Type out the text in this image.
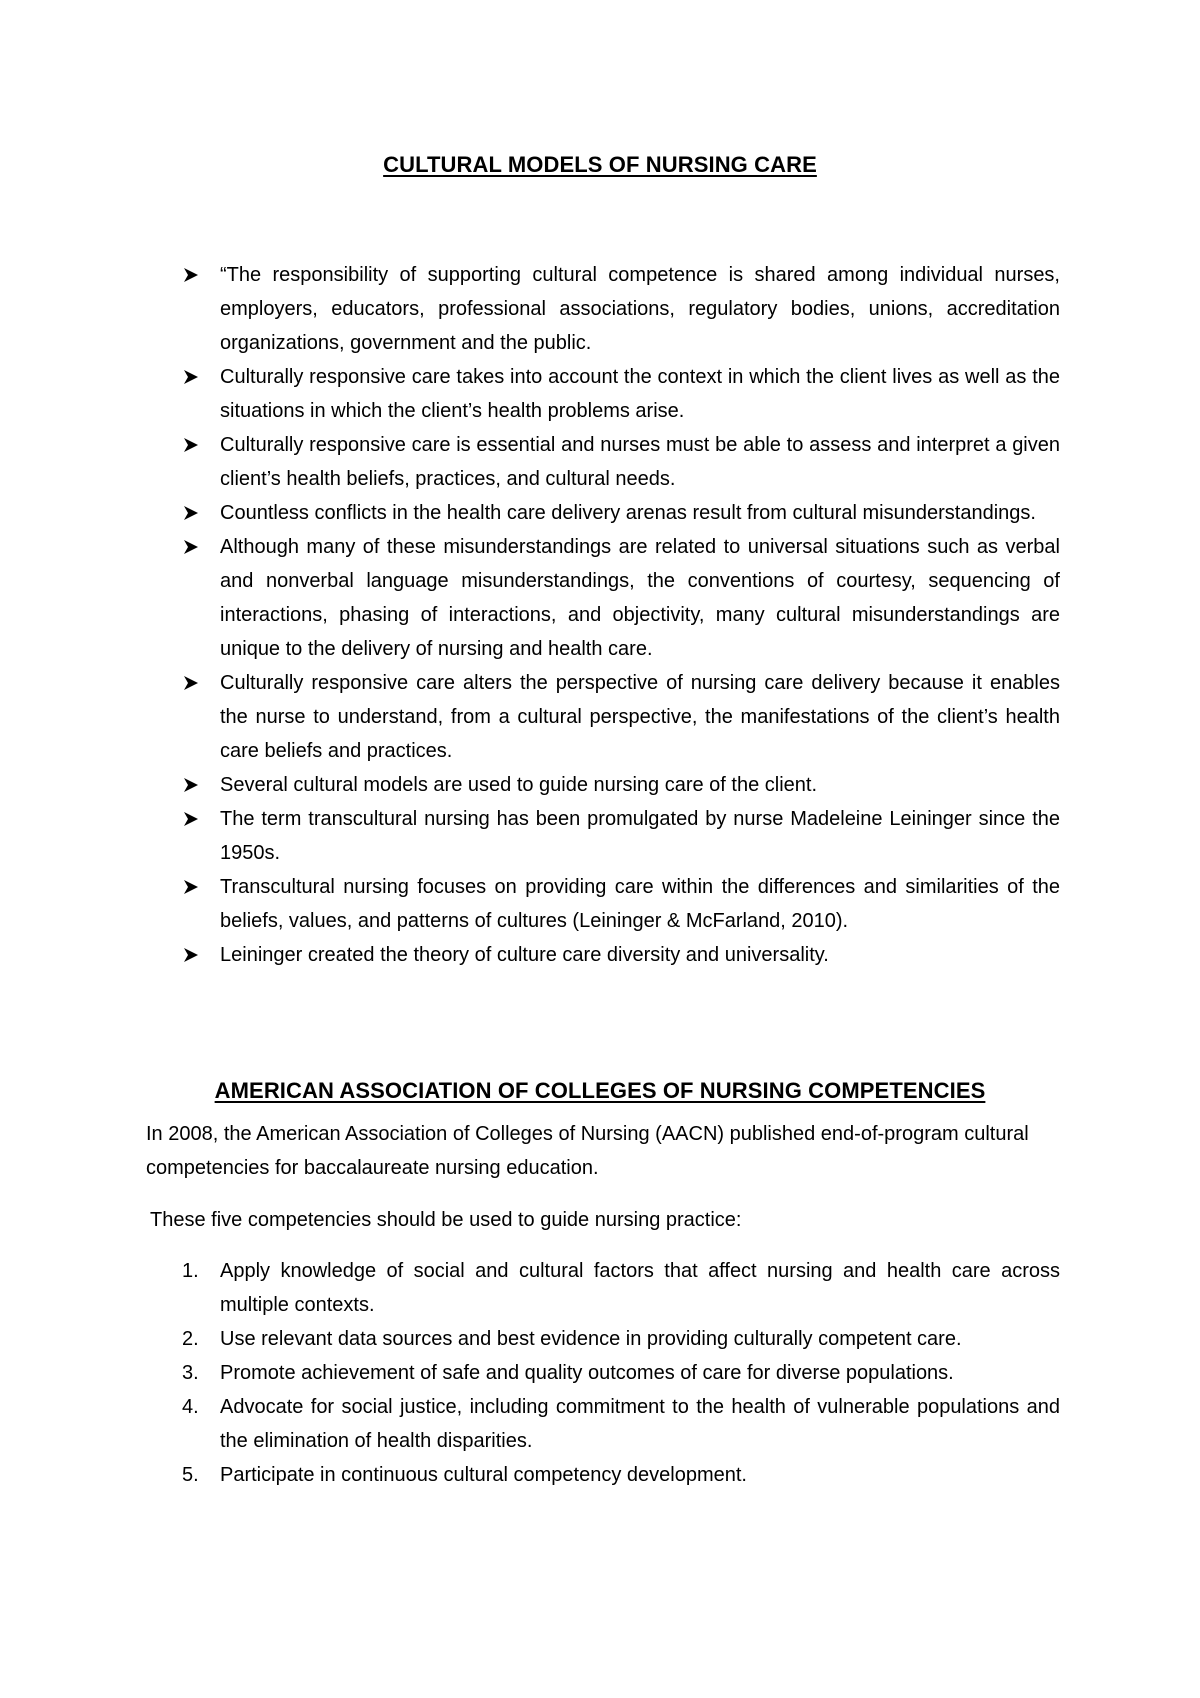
CULTURAL MODELS OF NURSING CARE
“The responsibility of supporting cultural competence is shared among individual nurses, employers, educators, professional associations, regulatory bodies, unions, accreditation organizations, government and the public.
Culturally responsive care takes into account the context in which the client lives as well as the situations in which the client’s health problems arise.
Culturally responsive care is essential and nurses must be able to assess and interpret a given client’s health beliefs, practices, and cultural needs.
Countless conflicts in the health care delivery arenas result from cultural misunderstandings.
Although many of these misunderstandings are related to universal situations such as verbal and nonverbal language misunderstandings, the conventions of courtesy, sequencing of interactions, phasing of interactions, and objectivity, many cultural misunderstandings are unique to the delivery of nursing and health care.
Culturally responsive care alters the perspective of nursing care delivery because it enables the nurse to understand, from a cultural perspective, the manifestations of the client’s health care beliefs and practices.
Several cultural models are used to guide nursing care of the client.
The term transcultural nursing has been promulgated by nurse Madeleine Leininger since the 1950s.
Transcultural nursing focuses on providing care within the differences and similarities of the beliefs, values, and patterns of cultures (Leininger & McFarland, 2010).
Leininger created the theory of culture care diversity and universality.
AMERICAN ASSOCIATION OF COLLEGES OF NURSING COMPETENCIES

In 2008, the American Association of Colleges of Nursing (AACN) published end-of-program cultural competencies for baccalaureate nursing education.

These five competencies should be used to guide nursing practice:

1. Apply knowledge of social and cultural factors that affect nursing and health care across multiple contexts.
2. Use relevant data sources and best evidence in providing culturally competent care.
3. Promote achievement of safe and quality outcomes of care for diverse populations.
4. Advocate for social justice, including commitment to the health of vulnerable populations and the elimination of health disparities.
5. Participate in continuous cultural competency development.
